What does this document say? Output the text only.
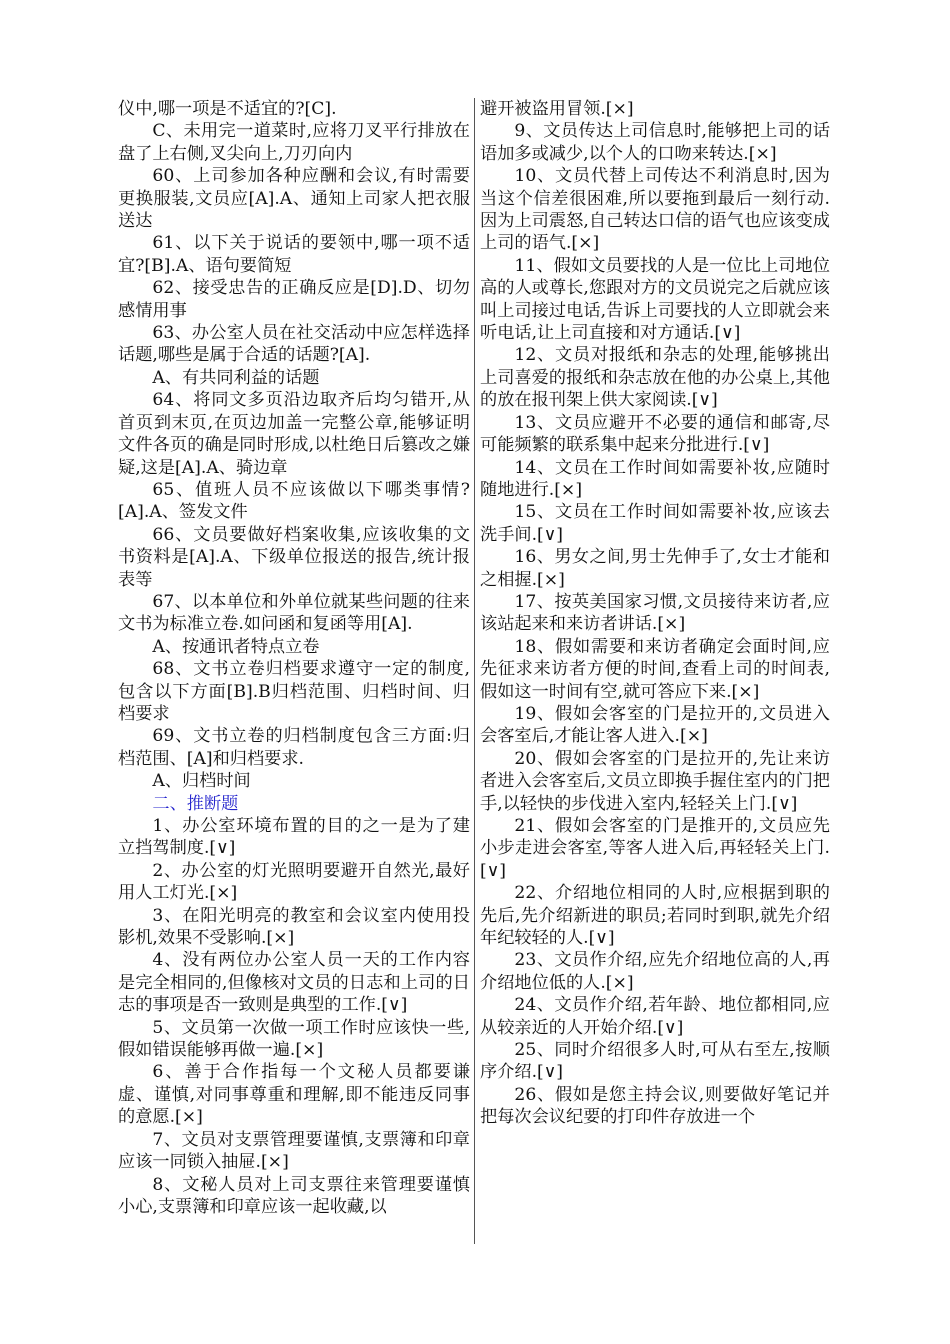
仪中,哪一项是不适宜的?[C].

C、未用完一道菜时,应将刀叉平行排放在盘了上右侧,叉尖向上,刀刃向内

60、上司参加各种应酬和会议,有时需要更换服装,文员应[A].A、通知上司家人把衣服送达

61、以下关于说话的要领中,哪一项不适宜?[B].A、语句要简短

62、接受忠告的正确反应是[D].D、切勿感情用事

63、办公室人员在社交活动中应怎样选择话题,哪些是属于合适的话题?[A].

A、有共同利益的话题

64、将同文多页沿边取齐后均匀错开,从首页到末页,在页边加盖一完整公章,能够证明文件各页的确是同时形成,以杜绝日后篡改之嫌疑,这是[A].A、骑边章

65、值班人员不应该做以下哪类事情?[A].A、签发文件

66、文员要做好档案收集,应该收集的文书资料是[A].A、下级单位报送的报告,统计报表等

67、以本单位和外单位就某些问题的往来文书为标准立卷.如问函和复函等用[A].

A、按通讯者特点立卷

68、文书立卷归档要求遵守一定的制度,包含以下方面[B].B归档范围、归档时间、归档要求

69、文书立卷的归档制度包含三方面:归档范围、[A]和归档要求.

A、归档时间

二、推断题

1、办公室环境布置的目的之一是为了建立挡驾制度.[∨]

2、办公室的灯光照明要避开自然光,最好用人工灯光.[×]

3、在阳光明亮的教室和会议室内使用投影机,效果不受影响.[×]

4、没有两位办公室人员一天的工作内容是完全相同的,但像核对文员的日志和上司的日志的事项是否一致则是典型的工作.[∨]

5、文员第一次做一项工作时应该快一些,假如错误能够再做一遍.[×]

6、善于合作指每一个文秘人员都要谦虚、谨慎,对同事尊重和理解,即不能违反同事的意愿.[×]

7、文员对支票管理要谨慎,支票簿和印章应该一同锁入抽屉.[×]

8、文秘人员对上司支票往来管理要谨慎小心,支票簿和印章应该一起收藏,以

避开被盗用冒领.[×]

9、文员传达上司信息时,能够把上司的话语加多或减少,以个人的口吻来转达.[×]

10、文员代替上司传达不利消息时,因为当这个信差很困难,所以要拖到最后一刻行动.因为上司震怒,自己转达口信的语气也应该变成上司的语气.[×]

11、假如文员要找的人是一位比上司地位高的人或尊长,您跟对方的文员说完之后就应该叫上司接过电话,告诉上司要找的人立即就会来听电话,让上司直接和对方通话.[∨]

12、文员对报纸和杂志的处理,能够挑出上司喜爱的报纸和杂志放在他的办公桌上,其他的放在报刊架上供大家阅读.[∨]

13、文员应避开不必要的通信和邮寄,尽可能频繁的联系集中起来分批进行.[∨]

14、文员在工作时间如需要补妆,应随时随地进行.[×]

15、文员在工作时间如需要补妆,应该去洗手间.[∨]

16、男女之间,男士先伸手了,女士才能和之相握.[×]

17、按英美国家习惯,文员接待来访者,应该站起来和来访者讲话.[×]

18、假如需要和来访者确定会面时间,应先征求来访者方便的时间,查看上司的时间表,假如这一时间有空,就可答应下来.[×]

19、假如会客室的门是拉开的,文员进入会客室后,才能让客人进入.[×]

20、假如会客室的门是拉开的,先让来访者进入会客室后,文员立即换手握住室内的门把手,以轻快的步伐进入室内,轻轻关上门.[∨]

21、假如会客室的门是推开的,文员应先小步走进会客室,等客人进入后,再轻轻关上门.[∨]

22、介绍地位相同的人时,应根据到职的先后,先介绍新进的职员;若同时到职,就先介绍年纪较轻的人.[∨]

23、文员作介绍,应先介绍地位高的人,再介绍地位低的人.[×]

24、文员作介绍,若年龄、地位都相同,应从较亲近的人开始介绍.[∨]

25、同时介绍很多人时,可从右至左,按顺序介绍.[∨]

26、假如是您主持会议,则要做好笔记并把每次会议纪要的打印件存放进一个
